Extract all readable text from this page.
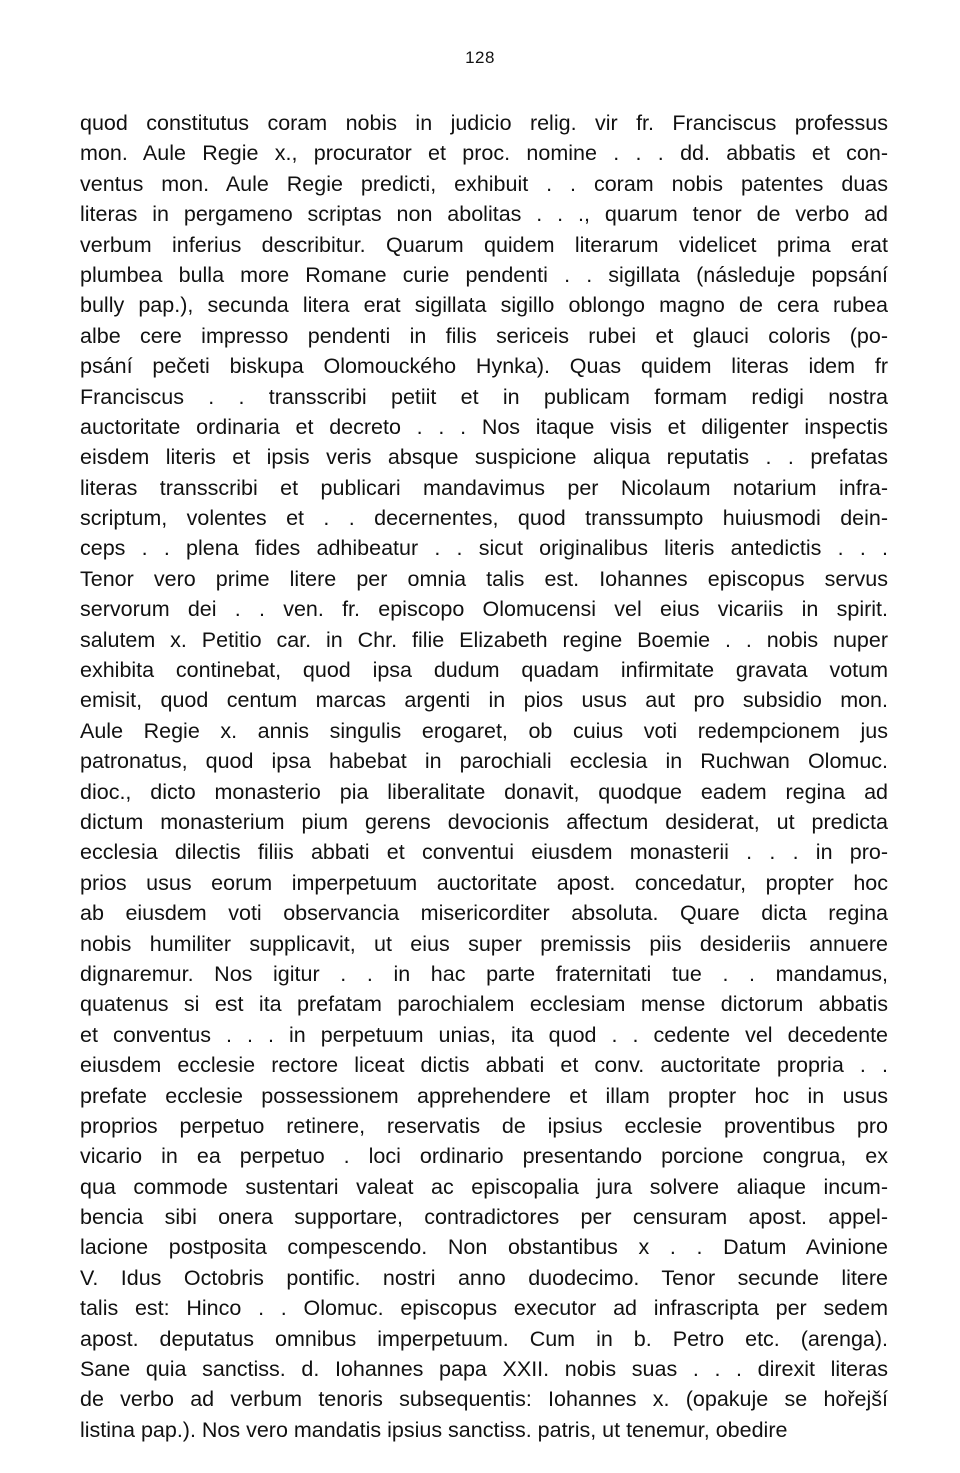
128
quod constitutus coram nobis in judicio relig. vir fr. Franciscus professus
mon. Aule Regie x., procurator et proc. nomine . . . dd. abbatis et con-
ventus mon. Aule Regie predicti, exhibuit . . coram nobis patentes duas
literas in pergameno scriptas non abolitas . . ., quarum tenor de verbo ad
verbum inferius describitur. Quarum quidem literarum videlicet prima erat
plumbea bulla more Romane curie pendenti . . sigillata (následuje popsání
bully pap.), secunda litera erat sigillata sigillo oblongo magno de cera rubea
albe cere impresso pendenti in filis sericeis rubei et glauci coloris (po-
psání pečeti biskupa Olomouckého Hynka). Quas quidem literas idem fr
Franciscus . . transscribi petiit et in publicam formam redigi nostra
auctoritate ordinaria et decreto . . . Nos itaque visis et diligenter inspectis
eisdem literis et ipsis veris absque suspicione aliqua reputatis . . prefatas
literas transscribi et publicari mandavimus per Nicolaum notarium infra-
scriptum, volentes et . . decernentes, quod transsumpto huiusmodi dein-
ceps . . plena fides adhibeatur . . sicut originalibus literis antedictis . . .
Tenor vero prime litere per omnia talis est. Iohannes episcopus servus
servorum dei . . ven. fr. episcopo Olomucensi vel eius vicariis in spirit.
salutem x. Petitio car. in Chr. filie Elizabeth regine Boemie . . nobis nuper
exhibita continebat, quod ipsa dudum quadam infirmitate gravata votum
emisit, quod centum marcas argenti in pios usus aut pro subsidio mon.
Aule Regie x. annis singulis erogaret, ob cuius voti redempcionem jus
patronatus, quod ipsa habebat in parochiali ecclesia in Ruchwan Olomuc.
dioc., dicto monasterio pia liberalitate donavit, quodque eadem regina ad
dictum monasterium pium gerens devocionis affectum desiderat, ut predicta
ecclesia dilectis filiis abbati et conventui eiusdem monasterii . . . in pro-
prios usus eorum imperpetuum auctoritate apost. concedatur, propter hoc
ab eiusdem voti observancia misericorditer absoluta. Quare dicta regina
nobis humiliter supplicavit, ut eius super premissis piis desideriis annuere
dignaremur. Nos igitur . . in hac parte fraternitati tue . . mandamus,
quatenus si est ita prefatam parochialem ecclesiam mense dictorum abbatis
et conventus . . . in perpetuum unias, ita quod . . cedente vel decedente
eiusdem ecclesie rectore liceat dictis abbati et conv. auctoritate propria . .
prefate ecclesie possessionem apprehendere et illam propter hoc in usus
proprios perpetuo retinere, reservatis de ipsius ecclesie proventibus pro
vicario in ea perpetuo . loci ordinario presentando porcione congrua, ex
qua commode sustentari valeat ac episcopalia jura solvere aliaque incum-
bencia sibi onera supportare, contradictores per censuram apost. appel-
lacione postposita compescendo. Non obstantibus x . . Datum Avinione
V. Idus Octobris pontific. nostri anno duodecimo. Tenor secunde litere
talis est: Hinco . . Olomuc. episcopus executor ad infrascripta per sedem
apost. deputatus omnibus imperpetuum. Cum in b. Petro etc. (arenga).
Sane quia sanctiss. d. Iohannes papa XXII. nobis suas . . . direxit literas
de verbo ad verbum tenoris subsequentis: Iohannes x. (opakuje se hořejší
listina pap.). Nos vero mandatis ipsius sanctiss. patris, ut tenemur, obedire
